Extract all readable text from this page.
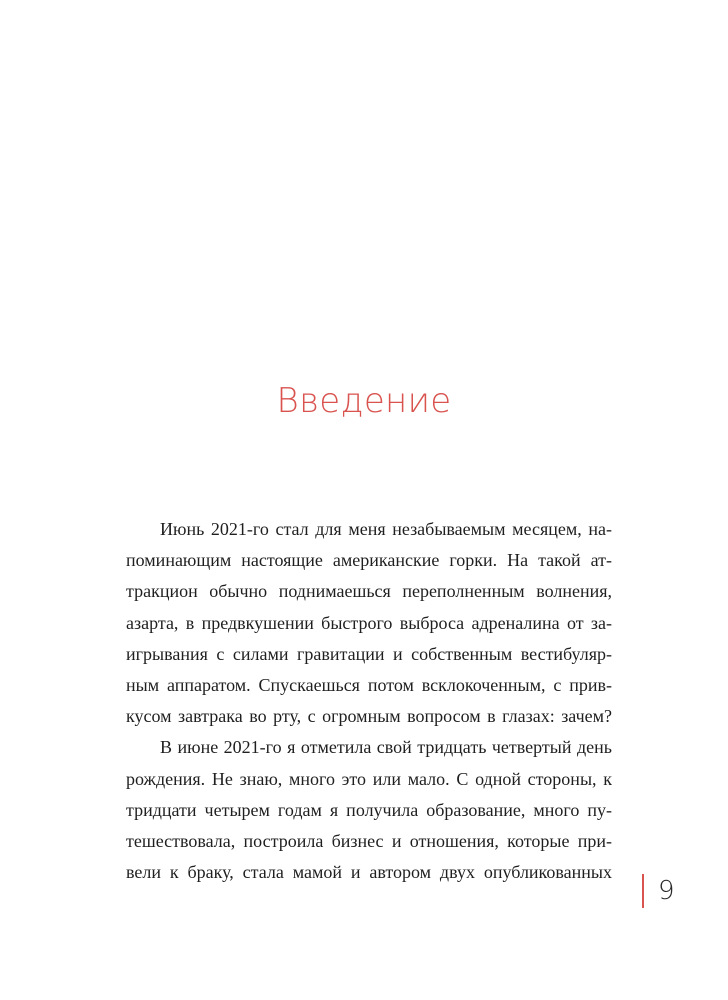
Введение
Июнь 2021-го стал для меня незабываемым месяцем, на-
поминающим настоящие американские горки. На такой ат-
тракцион обычно поднимаешься переполненным волнения,
азарта, в предвкушении быстрого выброса адреналина от за-
игрывания с силами гравитации и собственным вестибуляр-
ным аппаратом. Спускаешься потом всклокоченным, с прив-
кусом завтрака во рту, с огромным вопросом в глазах: зачем?
В июне 2021-го я отметила свой тридцать четвертый день
рождения. Не знаю, много это или мало. С одной стороны, к
тридцати четырем годам я получила образование, много пу-
тешествовала, построила бизнес и отношения, которые при-
вели к браку, стала мамой и автором двух опубликованных
9
